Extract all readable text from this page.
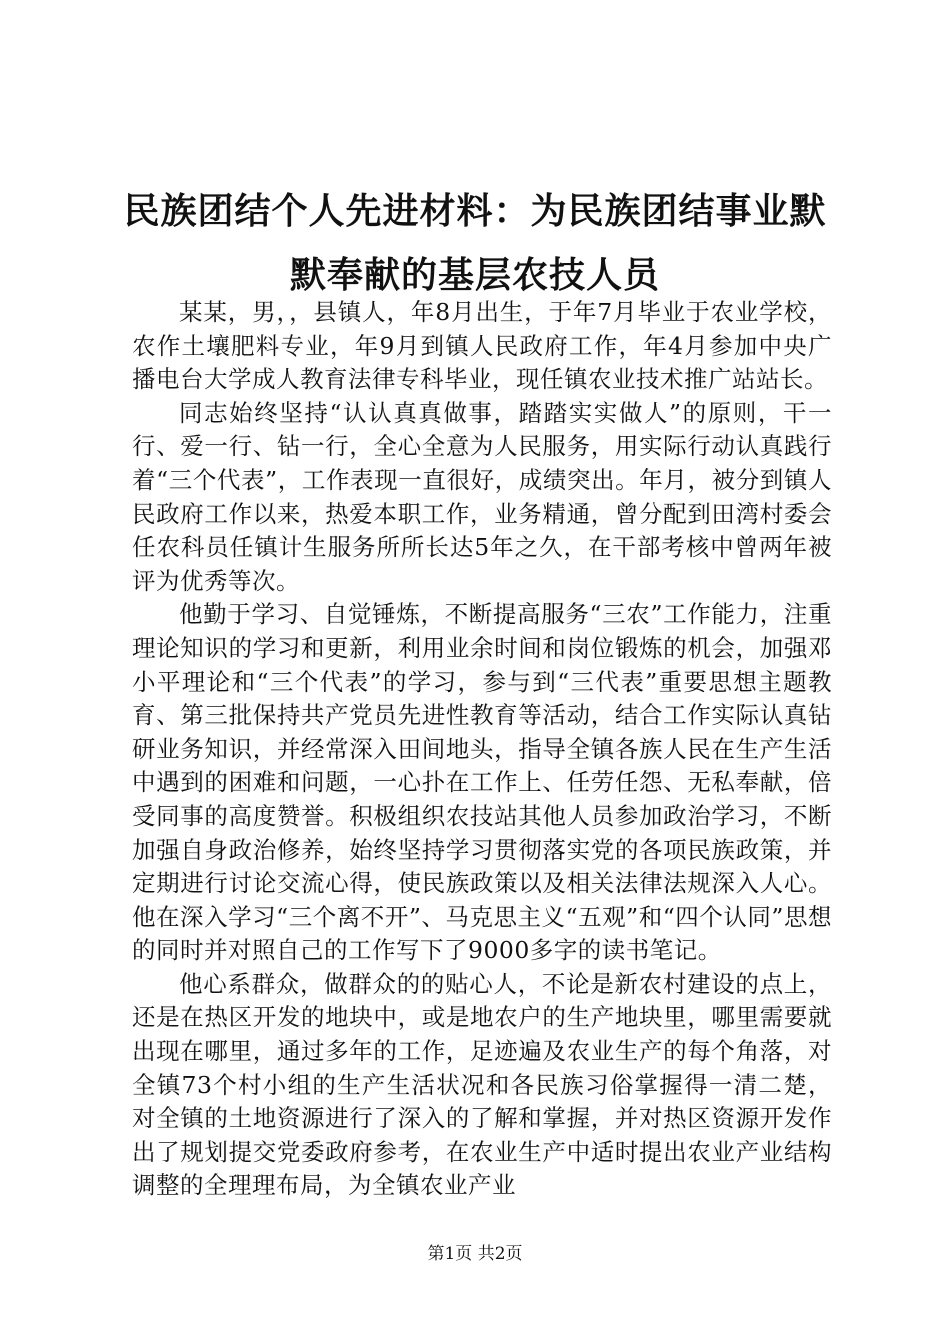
民族团结个人先进材料：为民族团结事业默默奉献的基层农技人员

某某，男，，县镇人，年8月出生，于年7月毕业于农业学校，农作土壤肥料专业，年9月到镇人民政府工作，年4月参加中央广播电台大学成人教育法律专科毕业，现任镇农业技术推广站站长。

同志始终坚持“认认真真做事，踏踏实实做人”的原则，干一行、爱一行、钻一行，全心全意为人民服务，用实际行动认真践行着“三个代表”，工作表现一直很好，成绩突出。年月，被分到镇人民政府工作以来，热爱本职工作，业务精通，曾分配到田湾村委会任农科员任镇计生服务所所长达5年之久，在干部考核中曾两年被评为优秀等次。

他勤于学习、自觉锤炼，不断提高服务“三农”工作能力，注重理论知识的学习和更新，利用业余时间和岗位锻炼的机会，加强邓小平理论和“三个代表”的学习，参与到“三代表”重要思想主题教育、第三批保持共产党员先进性教育等活动，结合工作实际认真钻研业务知识，并经常深入田间地头，指导全镇各族人民在生产生活中遇到的困难和问题，一心扑在工作上、任劳任怨、无私奉献，倍受同事的高度赞誉。积极组织农技站其他人员参加政治学习，不断加强自身政治修养，始终坚持学习贯彻落实党的各项民族政策，并定期进行讨论交流心得，使民族政策以及相关法律法规深入人心。他在深入学习“三个离不开”、马克思主义“五观”和“四个认同”思想的同时并对照自己的工作写下了9000多字的读书笔记。

他心系群众，做群众的的贴心人，不论是新农村建设的点上，还是在热区开发的地块中，或是地农户的生产地块里，哪里需要就出现在哪里，通过多年的工作，足迹遍及农业生产的每个角落，对全镇73个村小组的生产生活状况和各民族习俗掌握得一清二楚，对全镇的土地资源进行了深入的了解和掌握，并对热区资源开发作出了规划提交党委政府参考，在农业生产中适时提出农业产业结构调整的全理理布局，为全镇农业产业

第1页 共2页
